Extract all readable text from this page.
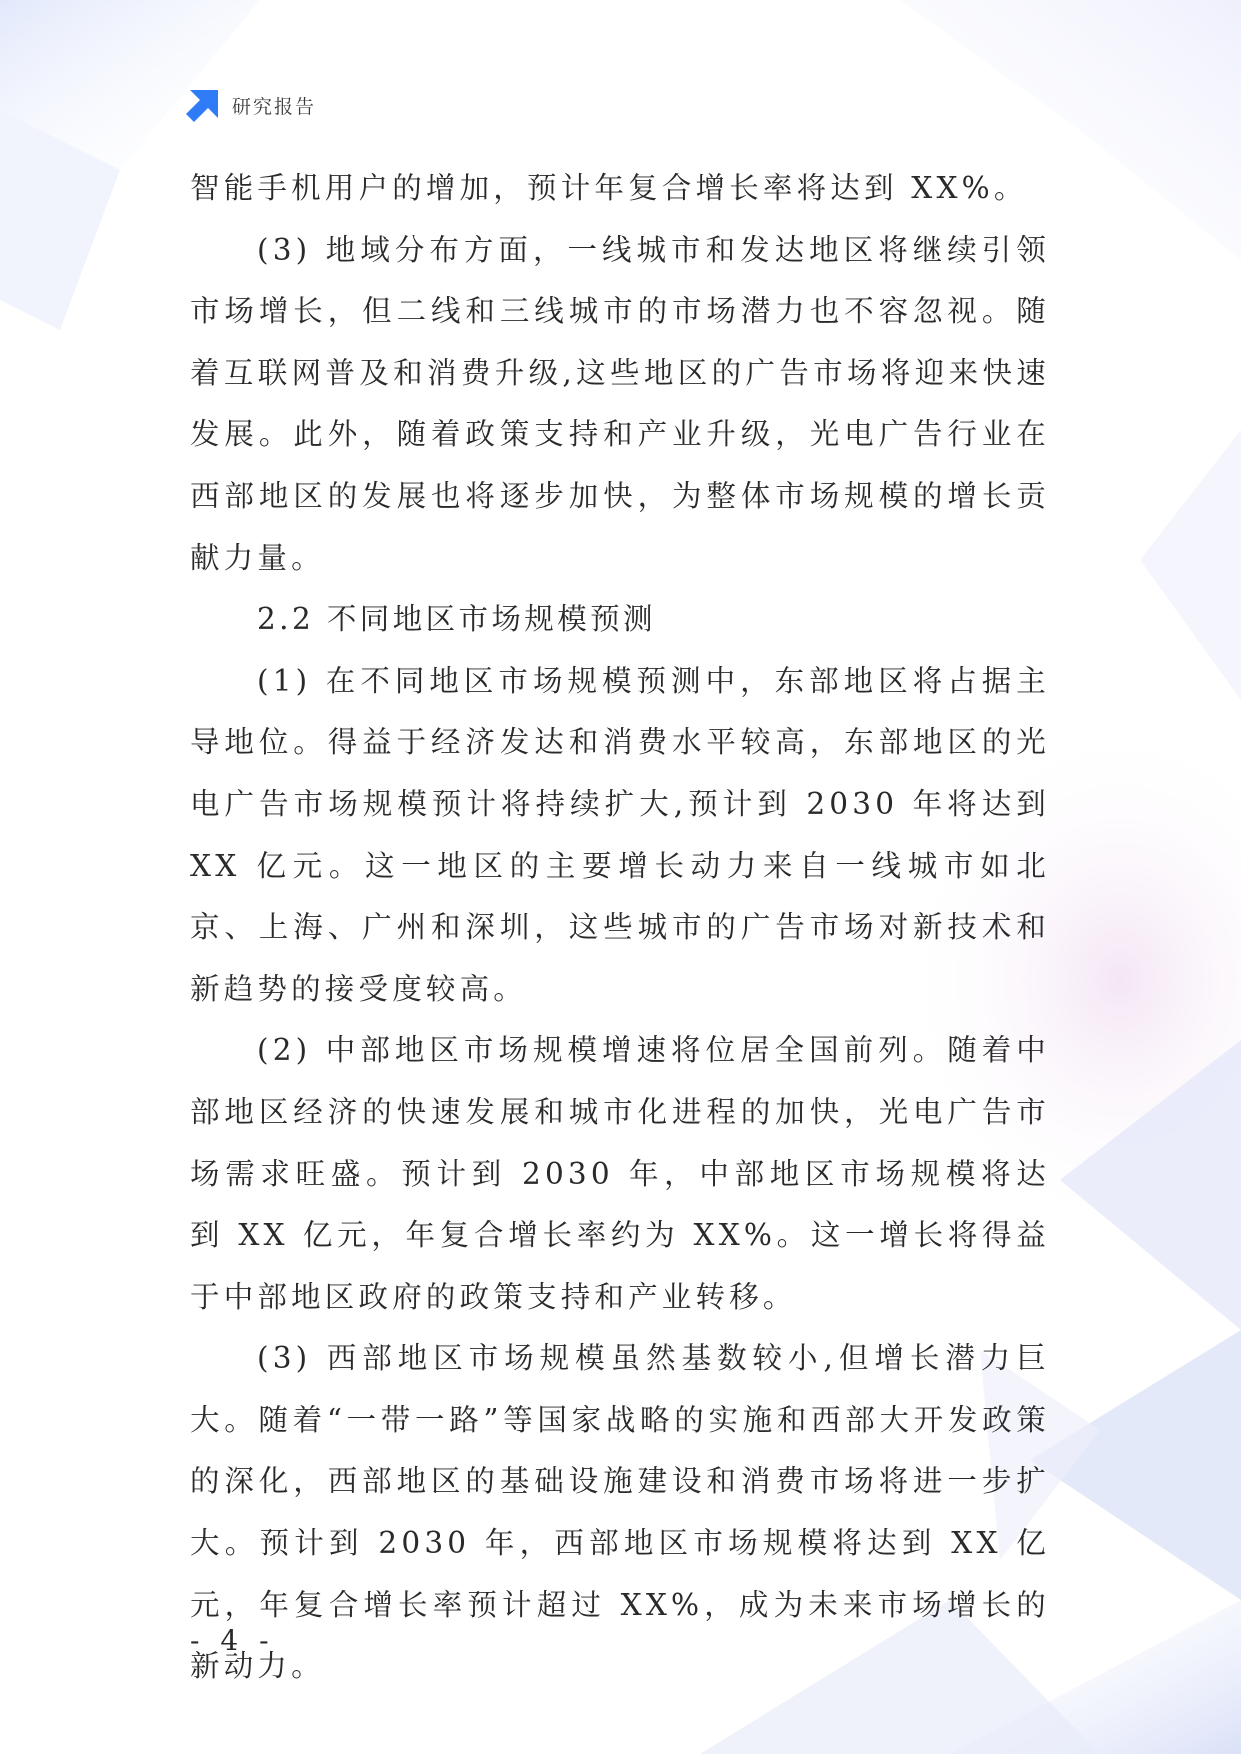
研究报告

智能手机用户的增加，预计年复合增长率将达到 XX%。

(3) 地域分布方面，一线城市和发达地区将继续引领市场增长，但二线和三线城市的市场潜力也不容忽视。随着互联网普及和消费升级,这些地区的广告市场将迎来快速发展。此外，随着政策支持和产业升级，光电广告行业在西部地区的发展也将逐步加快，为整体市场规模的增长贡献力量。

2.2 不同地区市场规模预测

(1) 在不同地区市场规模预测中，东部地区将占据主导地位。得益于经济发达和消费水平较高，东部地区的光电广告市场规模预计将持续扩大,预计到 2030 年将达到 XX 亿元。这一地区的主要增长动力来自一线城市如北京、上海、广州和深圳，这些城市的广告市场对新技术和新趋势的接受度较高。

(2) 中部地区市场规模增速将位居全国前列。随着中部地区经济的快速发展和城市化进程的加快，光电广告市场需求旺盛。预计到 2030 年，中部地区市场规模将达到 XX 亿元，年复合增长率约为 XX%。这一增长将得益于中部地区政府的政策支持和产业转移。

(3) 西部地区市场规模虽然基数较小,但增长潜力巨大。随着“一带一路”等国家战略的实施和西部大开发政策的深化，西部地区的基础设施建设和消费市场将进一步扩大。预计到 2030 年，西部地区市场规模将达到 XX 亿元，年复合增长率预计超过 XX%，成为未来市场增长的新动力。

- 4 -
